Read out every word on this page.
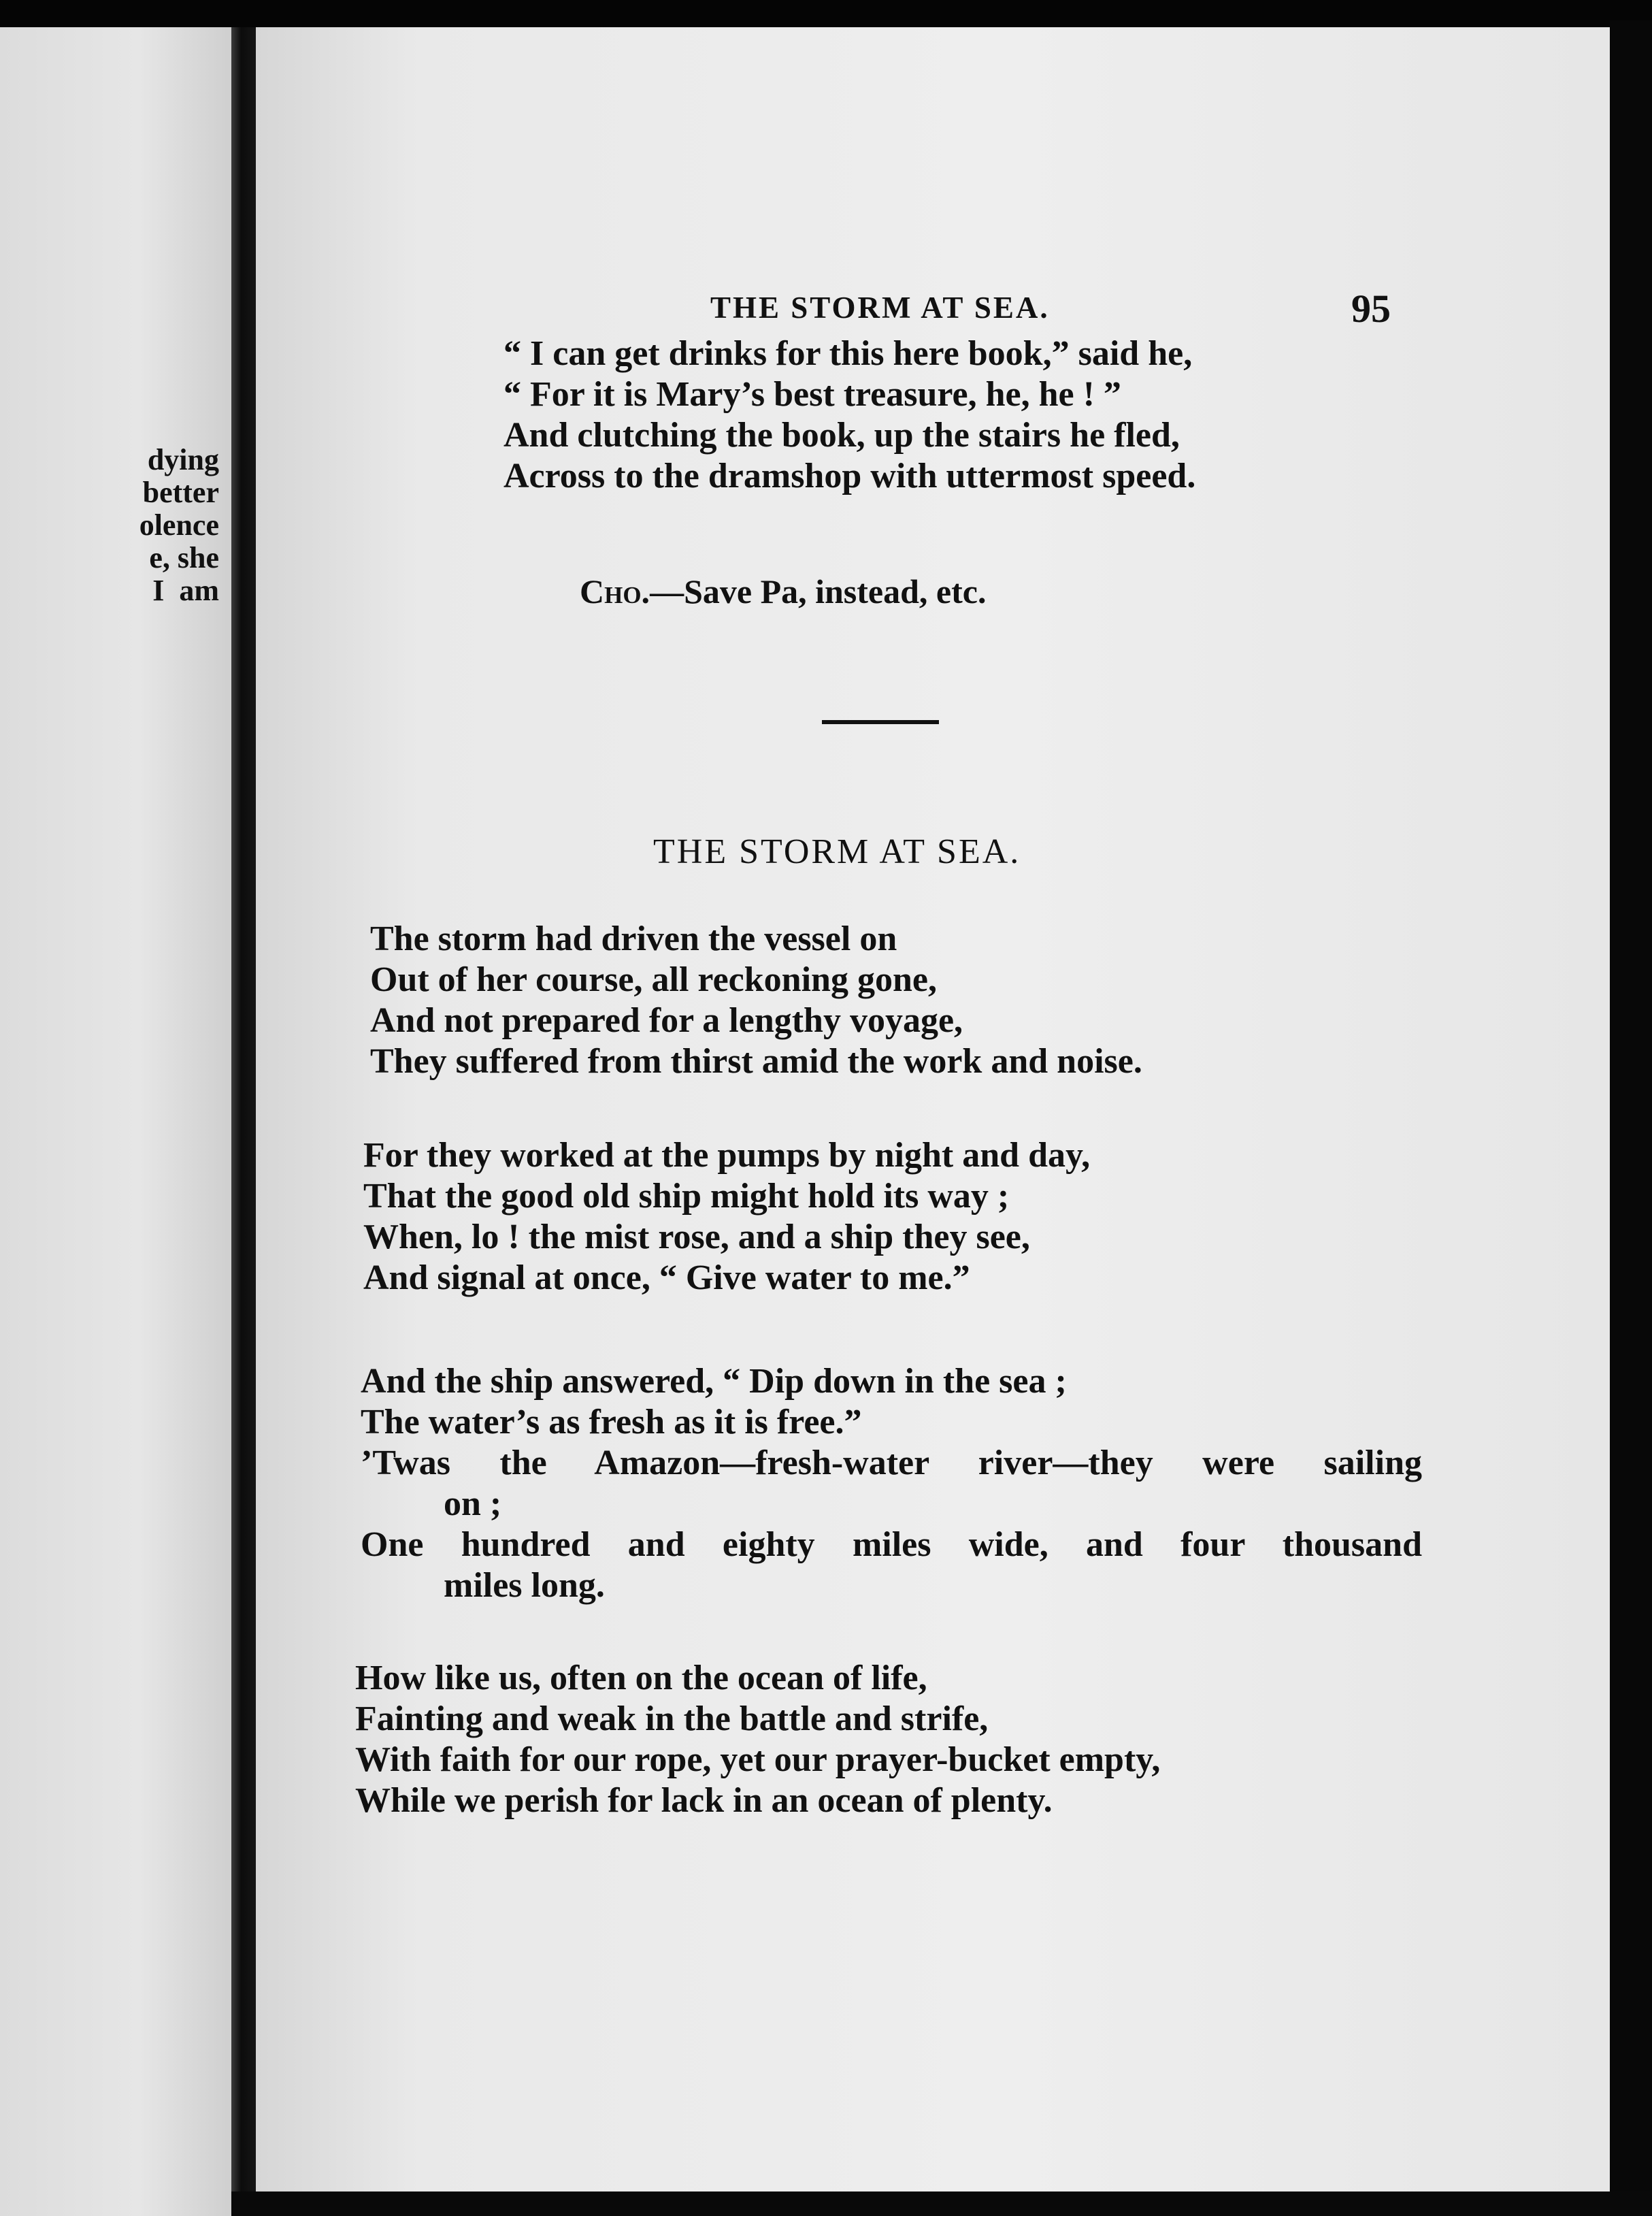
dying
better
olence
e, she
I  am
THE STORM AT SEA.	95
“ I can get drinks for this here book,” said he,
“ For it is Mary’s best treasure, he, he ! ”
And clutching the book, up the stairs he fled,
Across to the dramshop with uttermost speed.
Cho.—Save Pa, instead, etc.
THE STORM AT SEA.
The storm had driven the vessel on
Out of her course, all reckoning gone,
And not prepared for a lengthy voyage,
They suffered from thirst amid the work and noise.
For they worked at the pumps by night and day,
That the good old ship might hold its way ;
When, lo ! the mist rose, and a ship they see,
And signal at once, “ Give water to me.”
And the ship answered, “ Dip down in the sea ;
The water’s as fresh as it is free.”
’Twas the Amazon—fresh-water river—they were sailing
on ;
One hundred and eighty miles wide, and four thousand
miles long.
How like us, often on the ocean of life,
Fainting and weak in the battle and strife,
With faith for our rope, yet our prayer-bucket empty,
While we perish for lack in an ocean of plenty.
